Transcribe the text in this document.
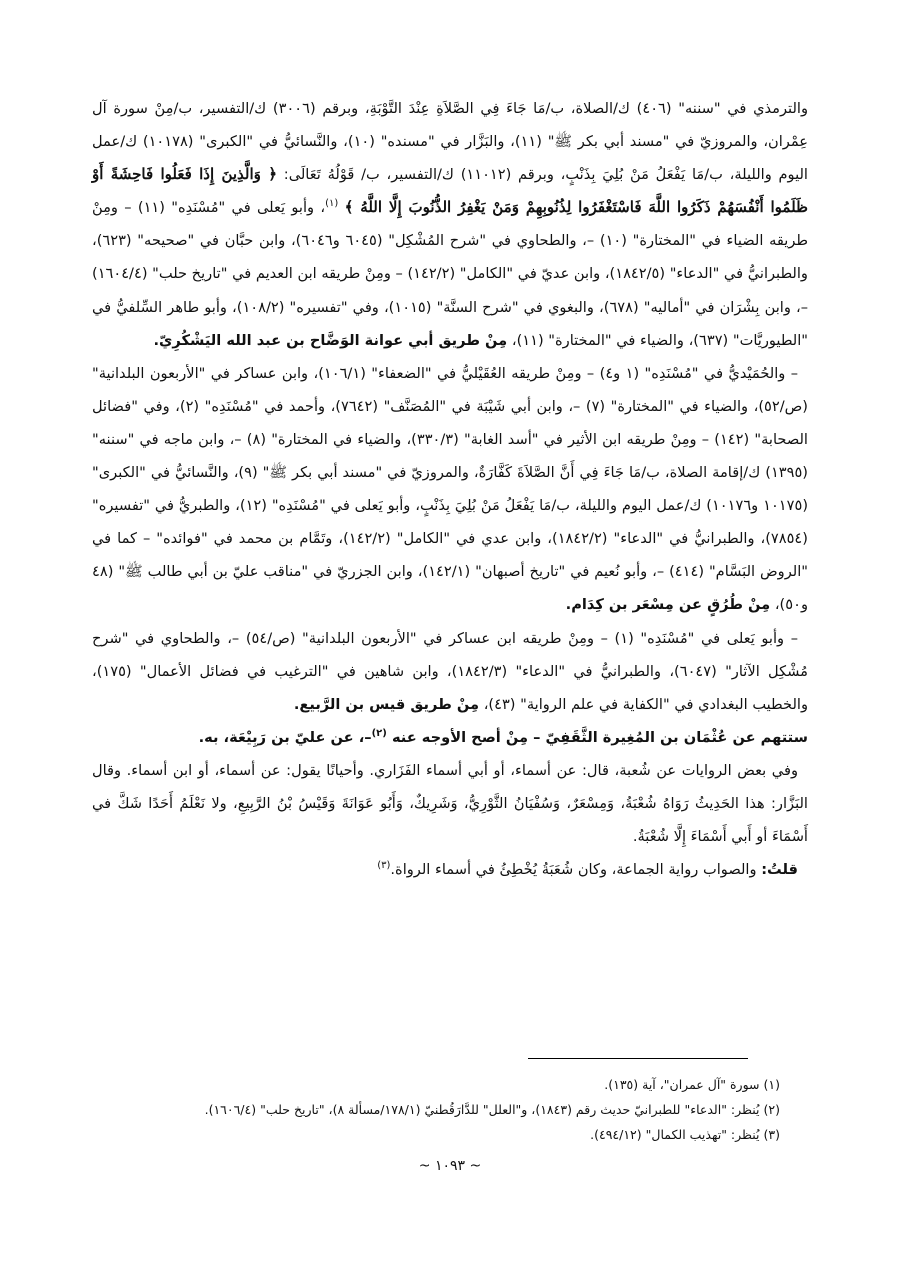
والترمذي في "سننه" (٤٠٦) ك/الصلاة، ب/مَا جَاءَ فِي الصَّلاَةِ عِنْدَ التَّوْبَةِ، وبرقم (٣٠٠٦) ك/التفسير، ب/مِنْ سورة آل عِمْران، والمروزيّ في "مسند أبي بكر ﷺ" (١١)، والبَزَّار في "مسنده" (١٠)، والنَّسائيُّ في "الكبرى" (١٠١٧٨) ك/عمل اليوم والليلة، ب/مَا يَفْعَلُ مَنْ بُلِيَ بِذَنْبٍ، وبرقم (١١٠١٢) ك/التفسير، ب/ قَوْلُهُ تَعَالَى: ﴿ وَالَّذِينَ إِذَا فَعَلُوا فَاحِشَةً أَوْ ظَلَمُوا أَنْفُسَهُمْ ذَكَرُوا اللَّهَ فَاسْتَغْفَرُوا لِذُنُوبِهِمْ وَمَنْ يَغْفِرُ الذُّنُوبَ إِلَّا اللَّهُ ﴾ $^{(١)}$، وأبو يَعلى في "مُسْنَدِه" (١١) – ومِنْ طريقه الضياء في "المختارة" (١٠) –، والطحاوي في "شرح المُشْكِل" (٦٠٤٥ و٦٠٤٦)، وابن حبَّان في "صحيحه" (٦٢٣)، والطبرانيُّ في "الدعاء" (١٨٤٢/٥)، وابن عديّ في "الكامل" (١٤٢/٢) – ومِنْ طريقه ابن العديم في "تاريخ حلب" (١٦٠٤/٤) –، وابن بِشْرَان في "أماليه" (٦٧٨)، والبغوي في "شرح السنَّة" (١٠١٥)، وفي "تفسيره" (١٠٨/٢)، وأبو طاهر السِّلفيُّ في "الطيوريَّات" (٦٣٧)، والضياء في "المختارة" (١١)، مِنْ طريق أبي عوانة الوَضَّاح بن عبد الله اليَشْكُرِيّ.

– والحُمَيْديُّ في "مُسْنَدِه" (١ و٤) – ومِنْ طريقه العُقَيْليُّ في "الضعفاء" (١٠٦/١)، وابن عساكر في "الأربعون البلدانية" (ص/٥٢)، والضياء في "المختارة" (٧) –، وابن أبي شَيْبَة في "المُصَنَّف" (٧٦٤٢)، وأحمد في "مُسْنَدِه" (٢)، وفي "فضائل الصحابة" (١٤٢) – ومِنْ طريقه ابن الأثير في "أسد الغابة" (٣٣٠/٣)، والضياء في المختارة" (٨) –، وابن ماجه في "سننه" (١٣٩٥) ك/إقامة الصلاة، ب/مَا جَاءَ فِي أَنَّ الصَّلاَةَ كَفَّارَةٌ، والمروزيّ في "مسند أبي بكر ﷺ" (٩)، والنَّسائيُّ في "الكبرى" (١٠١٧٥ و١٠١٧٦) ك/عمل اليوم والليلة، ب/مَا يَفْعَلُ مَنْ بُلِيَ بِذَنْبٍ، وأبو يَعلى في "مُسْنَدِه" (١٢)، والطبريُّ في "تفسيره" (٧٨٥٤)، والطبرانيُّ في "الدعاء" (١٨٤٢/٢)، وابن عدي في "الكامل" (١٤٢/٢)، وتَمَّام بن محمد في "فوائده" – كما في "الروض البَسَّام" (٤١٤) –، وأبو نُعيم في "تاريخ أصبهان" (١٤٢/١)، وابن الجزريّ في "مناقب عليّ بن أبي طالب ﷺ" (٤٨ و٥٠)، مِنْ طُرُقٍ عن مِسْعَر بن كِدَام.

– وأبو يَعلى في "مُسْنَدِه" (١) – ومِنْ طريقه ابن عساكر في "الأربعون البلدانية" (ص/٥٤) –، والطحاوي في "شرح مُشْكِل الآثار" (٦٠٤٧)، والطبرانيُّ في "الدعاء" (١٨٤٢/٣)، وابن شاهين في "الترغيب في فضائل الأعمال" (١٧٥)، والخطيب البغدادي في "الكفاية في علم الرواية" (٤٣)، مِنْ طريق قيس بن الرَّبيع.

ستتهم عن عُثْمَان بن المُغِيرة الثَّقَفِيّ – مِنْ أصح الأوجه عنه $^{(٢)}$–، عن عليّ بن رَبِيْعَة، به.

وفي بعض الروايات عن شُعبة، قال: عن أسماء، أو أبي أسماء الفَزَاري. وأحيانًا يقول: عن أسماء، أو ابن أسماء. وقال البَزَّار: هذا الحَدِيثُ رَوَاهُ شُعْبَةُ، وَمِسْعَرٌ، وَسُفْيَانُ الثَّوْرِيُّ، وَشَرِيكٌ، وَأَبُو عَوَانَةَ وَقَيْسُ بْنُ الرَّبِيعِ، ولا نَعْلَمُ أَحَدًا شَكَّ في أَسْمَاءَ أو أَبي أَسْمَاءَ إِلَّا شُعْبَةُ.

قلتُ: والصواب رواية الجماعة، وكان شُعَبَةُ يُخْطِئُ في أسماء الرواة.$^{(٣)}$

(١) سورة "آل عمران"، آية (١٣٥).
(٢) يُنظر: "الدعاء" للطبرانيّ حديث رقم (١٨٤٣)، و"العلل" للدَّارَقُطنيّ (١٧٨/١/مسألة ٨)، "تاريخ حلب" (١٦٠٦/٤).
(٣) يُنظر: "تهذيب الكمال" (٤٩٤/١٢).
~ ١٠٩٣ ~
